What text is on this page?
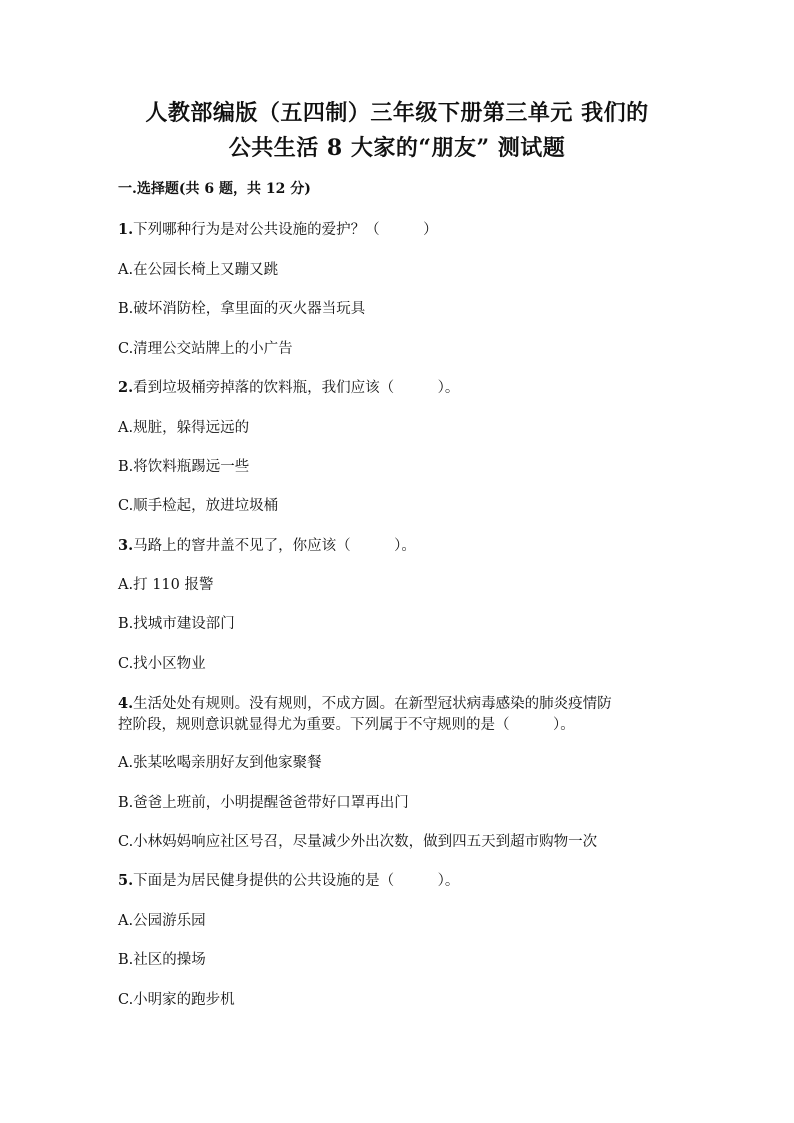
人教部编版（五四制）三年级下册第三单元 我们的
公共生活 8 大家的“朋友” 测试题
一.选择题(共 6 题，共 12 分)
1.下列哪种行为是对公共设施的爱护？（　　　）
A.在公园长椅上又蹦又跳
B.破坏消防栓，拿里面的灭火器当玩具
C.清理公交站牌上的小广告
2.看到垃圾桶旁掉落的饮料瓶，我们应该（　　　）。
A.规脏，躲得远远的
B.将饮料瓶踢远一些
C.顺手检起，放进垃圾桶
3.马路上的窨井盖不见了，你应该（　　　）。
A.打 110 报警
B.找城市建设部门
C.找小区物业
4.生活处处有规则。没有规则，不成方圆。在新型冠状病毒感染的肺炎疫情防
控阶段，规则意识就显得尤为重要。下列属于不守规则的是（　　　）。
A.张某吆喝亲朋好友到他家聚餐
B.爸爸上班前，小明提醒爸爸带好口罩再出门
C.小林妈妈响应社区号召，尽量减少外出次数，做到四五天到超市购物一次
5.下面是为居民健身提供的公共设施的是（　　　）。
A.公园游乐园
B.社区的操场
C.小明家的跑步机
